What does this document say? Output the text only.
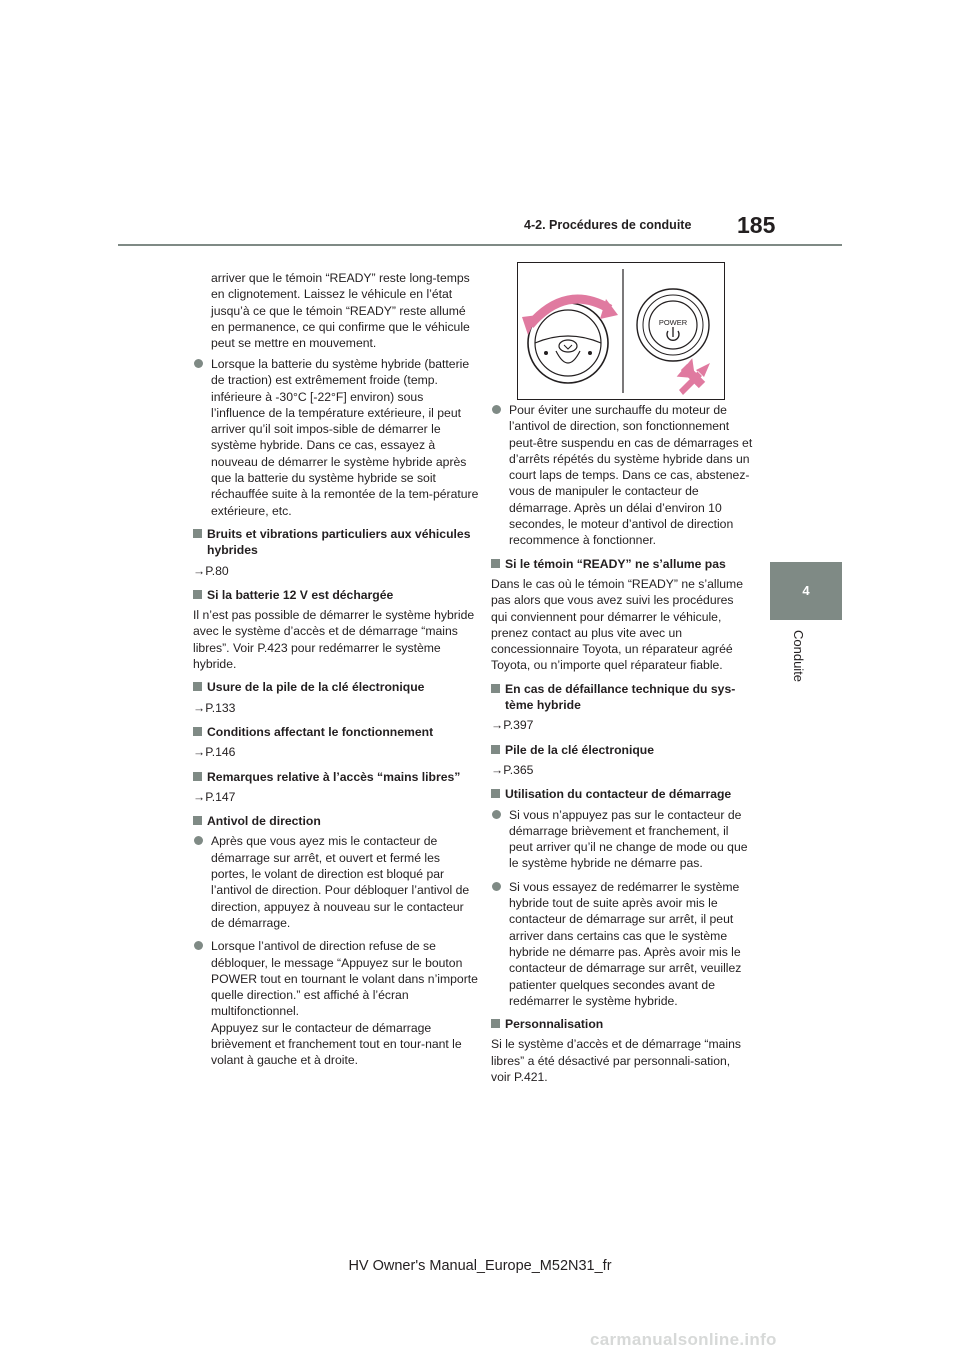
4-2. Procédures de conduite 185
4
Conduite

arriver que le témoin “READY” reste long-temps en clignotement. Laissez le véhicule en l’état jusqu’à ce que le témoin “READY” reste allumé en permanence, ce qui confirme que le véhicule peut se mettre en mouvement.

Lorsque la batterie du système hybride (batterie de traction) est extrêmement froide (temp. inférieure à -30°C [-22°F] environ) sous l’influence de la température extérieure, il peut arriver qu’il soit impos-sible de démarrer le système hybride. Dans ce cas, essayez à nouveau de démarrer le système hybride après que la batterie du système hybride se soit réchauffée suite à la remontée de la tem-pérature extérieure, etc.

Bruits et vibrations particuliers aux véhicules hybrides

→P.80

Si la batterie 12 V est déchargée

Il n’est pas possible de démarrer le système hybride avec le système d’accès et de démarrage “mains libres”. Voir P.423 pour redémarrer le système hybride.

Usure de la pile de la clé électronique

→P.133

Conditions affectant le fonctionnement

→P.146

Remarques relative à l’accès “mains libres”

→P.147

Antivol de direction

Après que vous ayez mis le contacteur de démarrage sur arrêt, et ouvert et fermé les portes, le volant de direction est bloqué par l’antivol de direction. Pour débloquer l’antivol de direction, appuyez à nouveau sur le contacteur de démarrage.

Lorsque l’antivol de direction refuse de se débloquer, le message “Appuyez sur le bouton POWER tout en tournant le volant dans n’importe quelle direction.” est affiché à l’écran multifonctionnel.

Appuyez sur le contacteur de démarrage brièvement et franchement tout en tour-nant le volant à gauche et à droite.

POWER

Pour éviter une surchauffe du moteur de l’antivol de direction, son fonctionnement peut-être suspendu en cas de démarrages et d’arrêts répétés du système hybride dans un court laps de temps. Dans ce cas, abstenez-vous de manipuler le contacteur de démarrage. Après un délai d’environ 10 secondes, le moteur d’antivol de direction recommence à fonctionner.

Si le témoin “READY” ne s’allume pas

Dans le cas où le témoin “READY” ne s’allume pas alors que vous avez suivi les procédures qui conviennent pour démarrer le véhicule, prenez contact au plus vite avec un concessionnaire Toyota, un réparateur agréé Toyota, ou n’importe quel réparateur fiable.

En cas de défaillance technique du sys-tème hybride

→P.397

Pile de la clé électronique

→P.365

Utilisation du contacteur de démarrage

Si vous n’appuyez pas sur le contacteur de démarrage brièvement et franchement, il peut arriver qu’il ne change de mode ou que le système hybride ne démarre pas.

Si vous essayez de redémarrer le système hybride tout de suite après avoir mis le contacteur de démarrage sur arrêt, il peut arriver dans certains cas que le système hybride ne démarre pas. Après avoir mis le contacteur de démarrage sur arrêt, veuillez patienter quelques secondes avant de redémarrer le système hybride.

Personnalisation

Si le système d’accès et de démarrage “mains libres” a été désactivé par personnali-sation, voir P.421.

HV Owner's Manual_Europe_M52N31_fr
carmanualsonline.info
